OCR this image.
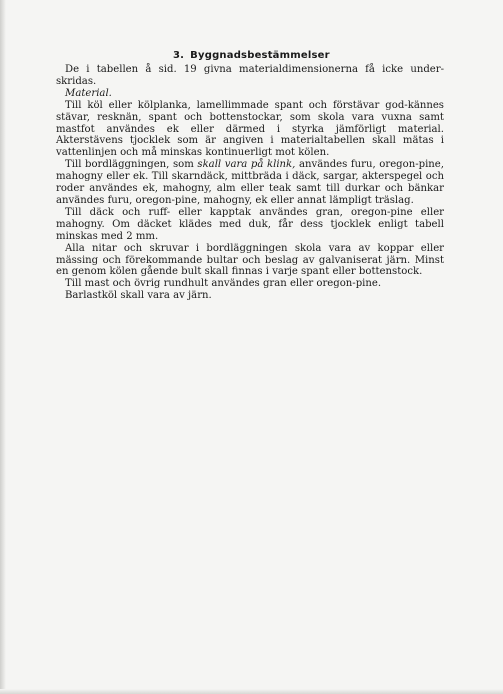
3. Byggnadsbestämmelser

De i tabellen å sid. 19 givna materialdimensionerna få icke under-skridas.

Material.

Till köl eller kölplanka, lamellimmade spant och förstävar god-kännes stävar, resknän, spant och bottenstockar, som skola vara vuxna samt mastfot användes ek eller därmed i styrka jämförligt material. Akterstävens tjocklek som är angiven i materialtabellen skall mätas i vattenlinjen och må minskas kontinuerligt mot kölen.

Till bordläggningen, som skall vara på klink, användes furu, oregon-pine, mahogny eller ek. Till skarndäck, mittbräda i däck, sargar, akterspegel och roder användes ek, mahogny, alm eller teak samt till durkar och bänkar användes furu, oregon-pine, mahogny, ek eller annat lämpligt träslag.

Till däck och ruff- eller kapptak användes gran, oregon-pine eller mahogny. Om däcket klädes med duk, får dess tjocklek enligt tabell minskas med 2 mm.

Alla nitar och skruvar i bordläggningen skola vara av koppar eller mässing och förekommande bultar och beslag av galvaniserat järn. Minst en genom kölen gående bult skall finnas i varje spant eller bottenstock.

Till mast och övrig rundhult användes gran eller oregon-pine.

Barlastköl skall vara av järn.
